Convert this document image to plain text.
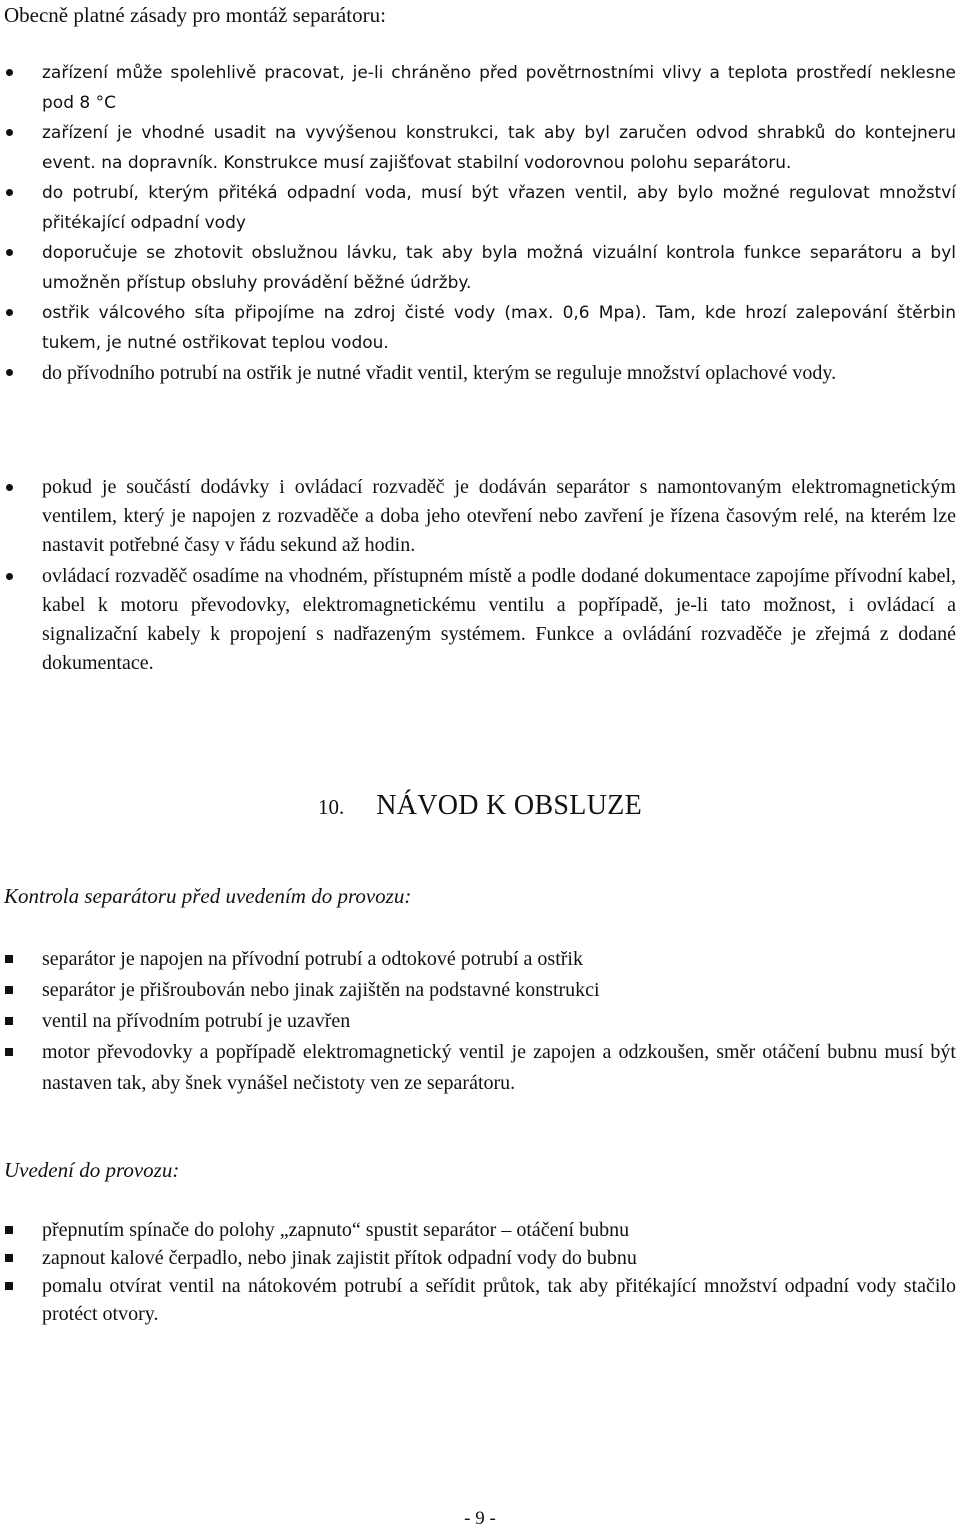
Obecně platné zásady pro montáž separátoru:
zařízení může spolehlivě pracovat, je-li chráněno před povětrnostními vlivy a teplota prostředí neklesne pod 8 °C
zařízení je vhodné usadit na vyvýšenou konstrukci, tak aby byl zaručen odvod shrabků do kontejneru event. na dopravník. Konstrukce musí zajišťovat stabilní vodorovnou polohu separátoru.
do potrubí, kterým přitéká odpadní voda, musí být vřazen ventil, aby bylo možné regulovat množství přitékající odpadní vody
doporučuje se zhotovit obslužnou lávku, tak aby byla možná vizuální kontrola funkce separátoru a byl umožněn přístup obsluhy provádění běžné údržby.
ostřik válcového síta připojíme na zdroj čisté vody (max. 0,6 Mpa). Tam, kde hrozí zalepování štěrbin tukem, je nutné ostřikovat teplou vodou.
do přívodního potrubí na ostřik je nutné vřadit ventil, kterým se reguluje množství oplachové vody.
pokud je součástí dodávky i ovládací rozvaděč je dodáván separátor s namontovaným elektromagnetickým ventilem, který je napojen z rozvaděče a doba jeho otevření nebo zavření je řízena časovým relé, na kterém lze nastavit potřebné časy v řádu sekund až hodin.
ovládací rozvaděč osadíme na vhodném, přístupném místě a podle dodané dokumentace zapojíme přívodní kabel, kabel k motoru převodovky, elektromagnetickému ventilu a popřípadě, je-li tato možnost, i ovládací a signalizační kabely k propojení s nadřazeným systémem. Funkce a ovládání rozvaděče je zřejmá z dodané dokumentace.
10. NÁVOD K OBSLUZE
Kontrola separátoru před uvedením do provozu:
separátor je napojen na přívodní potrubí a odtokové potrubí a ostřik
separátor je přišroubován nebo jinak zajištěn na podstavné konstrukci
ventil na přívodním potrubí je uzavřen
motor převodovky a popřípadě elektromagnetický ventil je zapojen a odzkoušen, směr otáčení bubnu musí být nastaven tak, aby šnek vynášel nečistoty ven ze separátoru.
Uvedení do provozu:
přepnutím spínače do polohy „zapnuto“ spustit separátor – otáčení bubnu
zapnout kalové čerpadlo, nebo jinak zajistit přítok odpadní vody do bubnu
pomalu otvírat ventil na nátokovém potrubí a seřídit průtok, tak aby přitékající množství odpadní vody stačilo protéct otvory.
- 9 -
